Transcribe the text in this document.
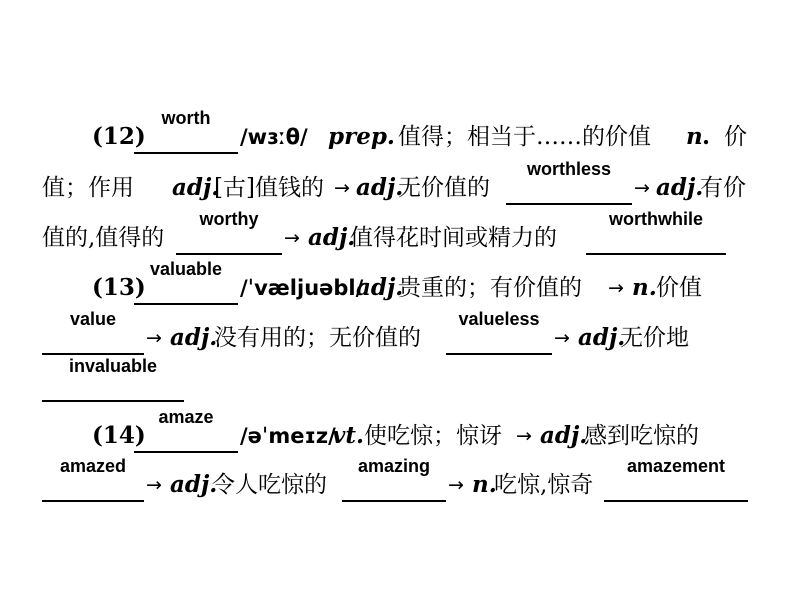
(12)
worth
/wɜːθ/ prep. 值得；相当于……的价值 n . 价
值；作用 adj.
[古]值钱的 → adj.
无价值的
worthless
→ adj.
有价
值的,值得的
worthy
→ adj.
值得花时间或精力的
worthwhile
(13)
valuable
/ˈvæljuəbl/
adj.
贵重的；有价值的 → n. 价值
value
→ adj.
没有用的；无价值的
valueless
→ adj.
无价地
invaluable
(14)
amaze
/əˈmeɪz/
vt. 使吃惊；惊讶 → adj.
感到吃惊的
amazed
→ adj.
令人吃惊的
amazing
→ n.
吃惊,惊奇
amazement
